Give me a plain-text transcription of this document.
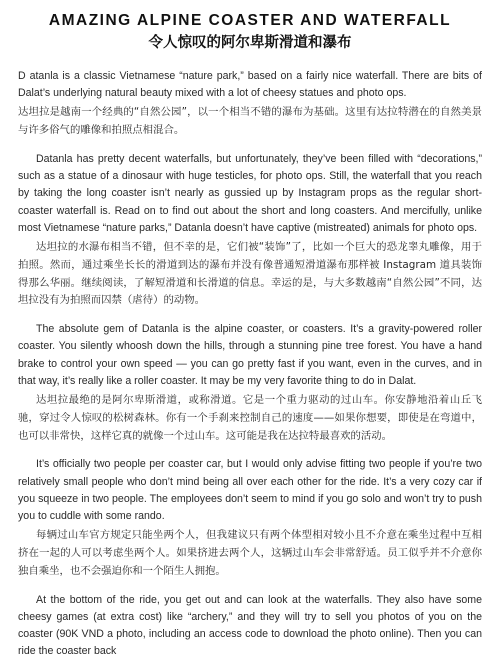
AMAZING ALPINE COASTER AND WATERFALL
令人惊叹的阿尔卑斯滑道和瀑布

D atanla is a classic Vietnamese “nature park,” based on a fairly nice waterfall. There are bits of Dalat’s underlying natural beauty mixed with a lot of cheesy statues and photo ops.

达坦拉是越南一个经典的“自然公园”，以一个相当不错的瀑布为基础。这里有达拉特潜在的自然美景与许多俗气的雕像和拍照点相混合。

Datanla has pretty decent waterfalls, but unfortunately, they’ve been filled with “decorations,” such as a statue of a dinosaur with huge testicles, for photo ops. Still, the waterfall that you reach by taking the long coaster isn’t nearly as gussied up by Instagram props as the regular short-coaster waterfall is. Read on to find out about the short and long coasters. And mercifully, unlike most Vietnamese “nature parks,” Datanla doesn’t have captive (mistreated) animals for photo ops.

达坦拉的水瀑布相当不错，但不幸的是，它们被“装饰”了，比如一个巨大的恐龙睾丸雕像，用于拍照。然而，通过乘坐长长的滑道到达的瀑布并没有像普通短滑道瀑布那样被 Instagram 道具装饰得那么华丽。继续阅读，了解短滑道和长滑道的信息。幸运的是，与大多数越南“自然公园”不同，达坦拉没有为拍照而囚禁（虐待）的动物。

The absolute gem of Datanla is the alpine coaster, or coasters. It’s a gravity-powered roller coaster. You silently whoosh down the hills, through a stunning pine tree forest. You have a hand brake to control your own speed — you can go pretty fast if you want, even in the curves, and in that way, it’s really like a roller coaster. It may be my very favorite thing to do in Dalat.

达坦拉最绝的是阿尔卑斯滑道，或称滑道。它是一个重力驱动的过山车。你安静地沿着山丘飞驰，穿过令人惊叹的松树森林。你有一个手刹来控制自己的速度——如果你想要，即使是在弯道中，也可以非常快，这样它真的就像一个过山车。这可能是我在达拉特最喜欢的活动。

It’s officially two people per coaster car, but I would only advise fitting two people if you’re two relatively small people who don’t mind being all over each other for the ride. It’s a very cozy car if you squeeze in two people. The employees don’t seem to mind if you go solo and won’t try to push you to cuddle with some rando.

每辆过山车官方规定只能坐两个人，但我建议只有两个体型相对较小且不介意在乘坐过程中互相挤在一起的人可以考虑坐两个人。如果挤进去两个人，这辆过山车会非常舒适。员工似乎并不介意你独自乘坐，也不会强迫你和一个陌生人拥抱。

At the bottom of the ride, you get out and can look at the waterfalls. They also have some cheesy games (at extra cost) like “archery,” and they will try to sell you photos of you on the coaster (90K VND a photo, including an access code to download the photo online). Then you can ride the coaster back
